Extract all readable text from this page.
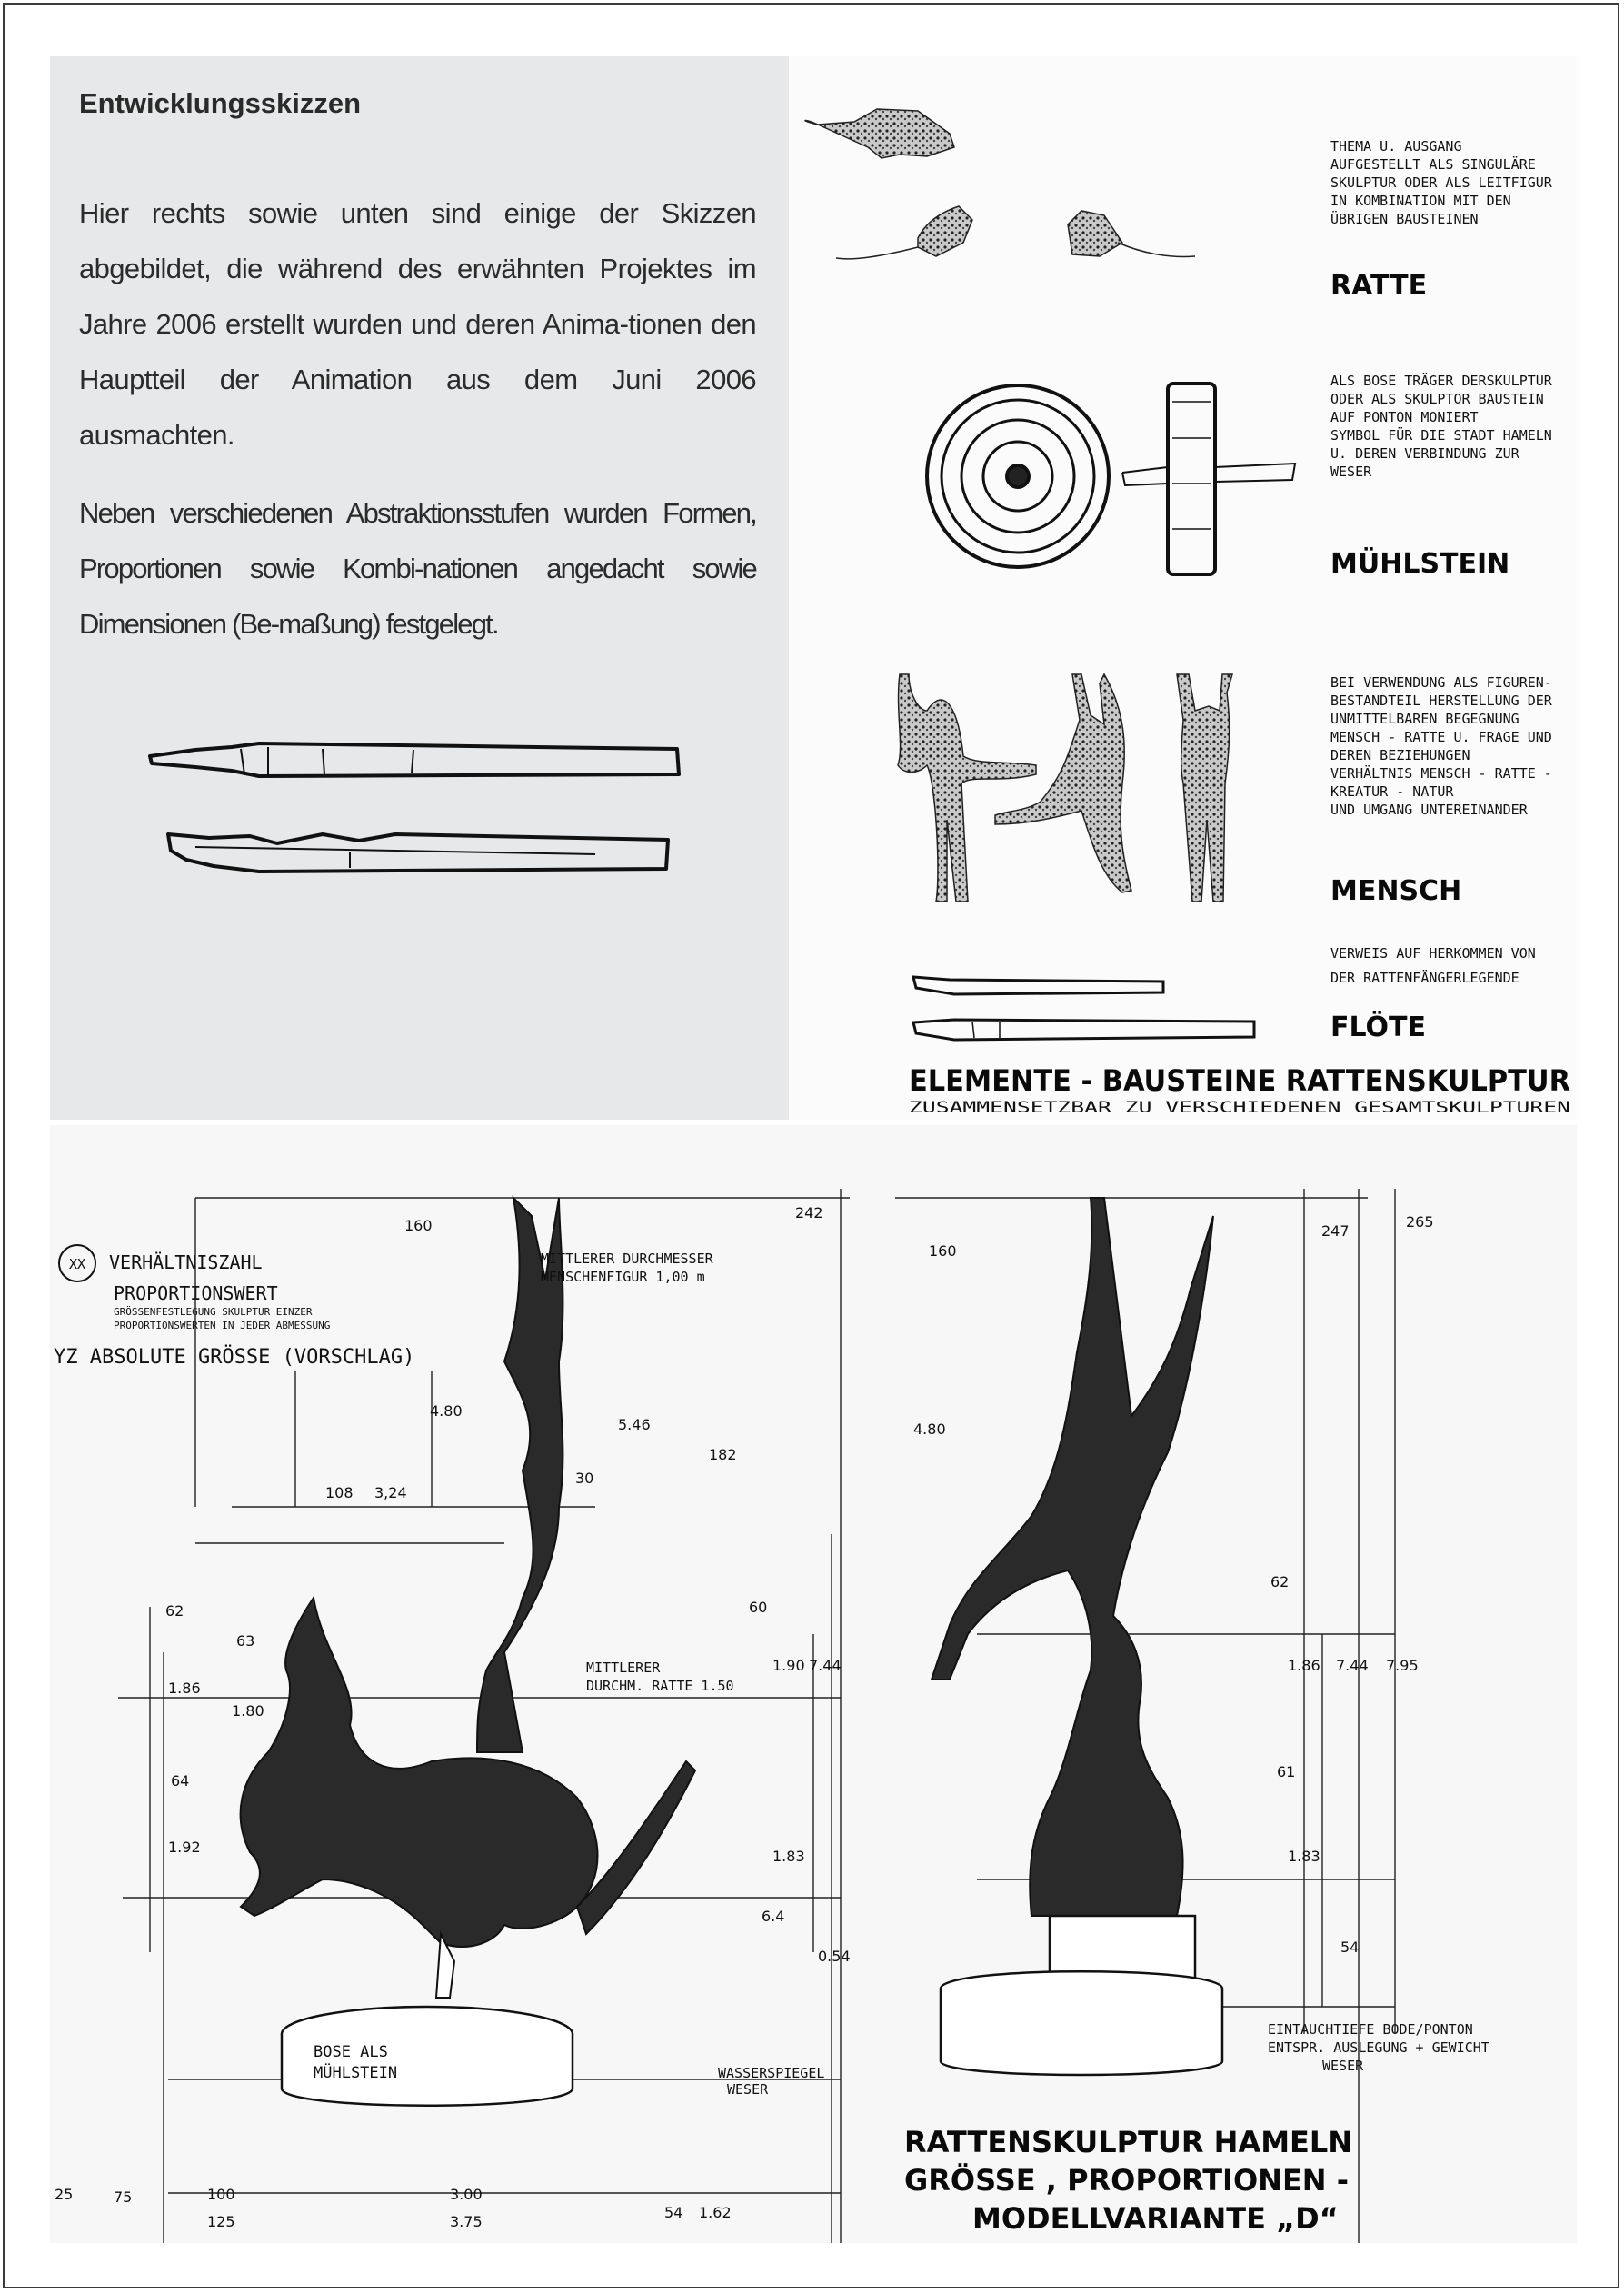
Entwicklungsskizzen

Hier rechts sowie unten sind einige der Skizzen abgebildet, die während des erwähnten Projektes im Jahre 2006 erstellt wurden und deren Anima-tionen den Hauptteil der Animation aus dem Juni 2006 ausmachten.

Neben verschiedenen Abstraktionsstufen wurden Formen, Proportionen sowie Kombi-nationen angedacht sowie Dimensionen (Be-maßung) festgelegt.

THEMA U. AUSGANG
AUFGESTELLT ALS SINGULÄRE
SKULPTUR ODER ALS LEITFIGUR
IN KOMBINATION MIT DEN
ÜBRIGEN BAUSTEINEN
RATTE
ALS BOSE TRÄGER DERSKULPTUR
ODER ALS SKULPTOR BAUSTEIN
AUF PONTON MONIERT
SYMBOL FÜR DIE STADT HAMELN
U. DEREN VERBINDUNG ZUR
WESER
MÜHLSTEIN
BEI VERWENDUNG ALS FIGUREN-
BESTANDTEIL HERSTELLUNG DER
UNMITTELBAREN BEGEGNUNG
MENSCH - RATTE U. FRAGE UND
DEREN BEZIEHUNGEN
VERHÄLTNIS MENSCH - RATTE -
KREATUR - NATUR
UND UMGANG UNTEREINANDER
MENSCH
VERWEIS AUF HERKOMMEN VON
DER RATTENFÄNGERLEGENDE
FLÖTE
ELEMENTE - BAUSTEINE RATTENSKULPTUR
ZUSAMMENSETZBAR ZU VERSCHIEDENEN GESAMTSKULPTUREN
XX VERHÄLTNISZAHL
PROPORTIONSWERT
GRÖSSENFESTLEGUNG SKULPTUR EINZER
PROPORTIONSWERTEN IN JEDER ABMESSUNG
YZ ABSOLUTE GRÖSSE (VORSCHLAG)
MITTLERER DURCHMESSER
MENSCHENFIGUR 1,00 m
MITTLERER
DURCHM. RATTE 1.50
BOSE ALS
MÜHLSTEIN	WASSERSPIEGEL
WESER
EINTAUCHTIEFE BODE/PONTON
ENTSPR. AUSLEGUNG + GEWICHT
WESER
160
242
4.80
5.46
3,24
108
30
182
62	60
63
1.86
1.80
1.90 7.44
64
1.92
1.83
6.4
0.54
25	75	100
125
3.00
3.75
54 1.62
160
247
265
4.80
62
1.86 7.44 7.95
61
1.83
54
RATTENSKULPTUR HAMELN
GRÖSSE , PROPORTIONEN -
MODELLVARIANTE „D“
